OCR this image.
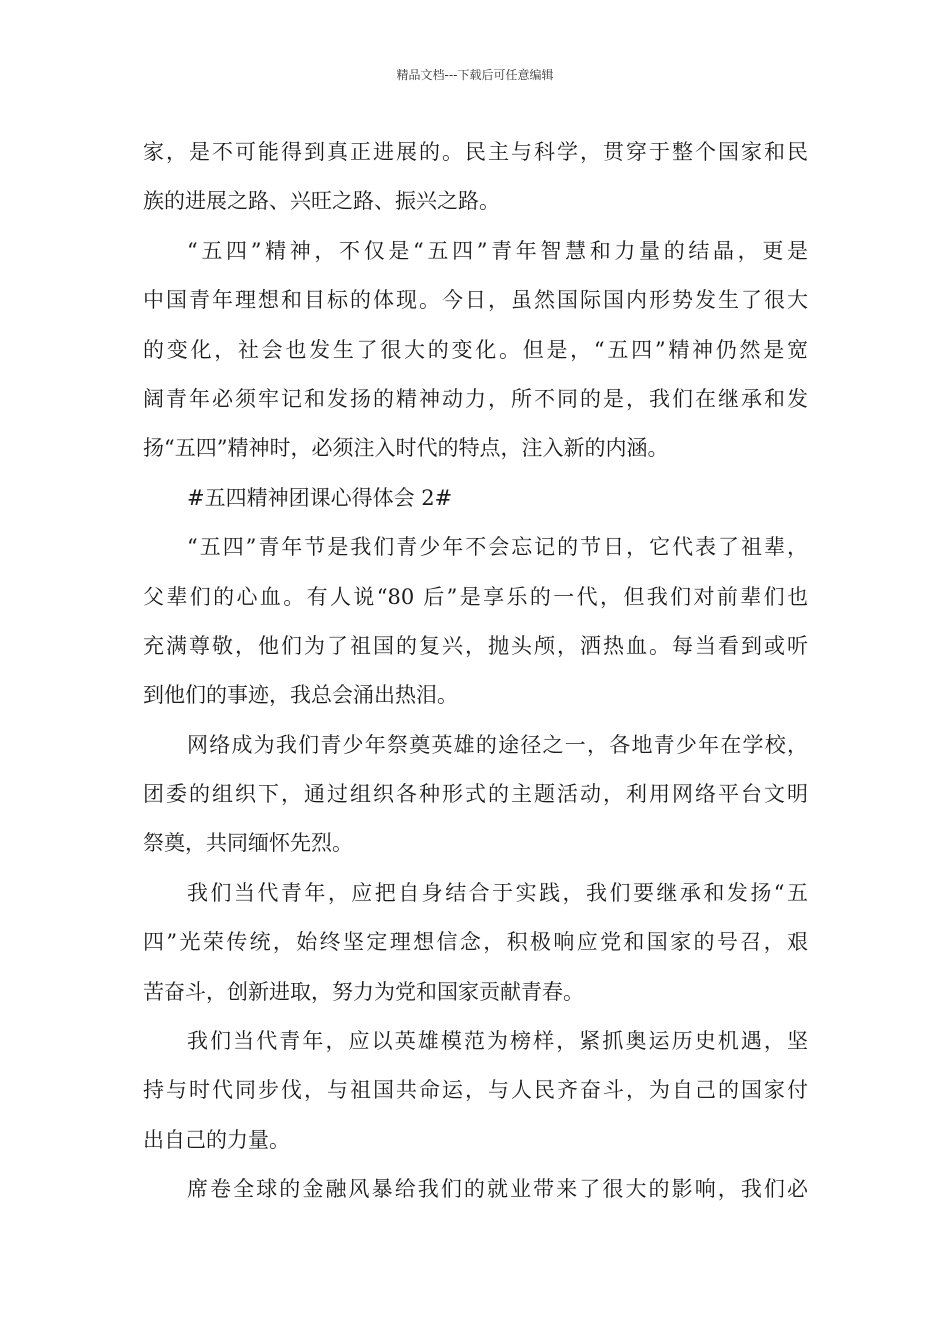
精品文档---下载后可任意编辑
家，是不可能得到真正进展的。民主与科学，贯穿于整个国家和民
族的进展之路、兴旺之路、振兴之路。
“五四”精神，不仅是“五四”青年智慧和力量的结晶，更是
中国青年理想和目标的体现。今日，虽然国际国内形势发生了很大
的变化，社会也发生了很大的变化。但是，“五四”精神仍然是宽
阔青年必须牢记和发扬的精神动力，所不同的是，我们在继承和发
扬“五四”精神时，必须注入时代的特点，注入新的内涵。
#五四精神团课心得体会 2#
“五四”青年节是我们青少年不会忘记的节日，它代表了祖辈，
父辈们的心血。有人说“80 后”是享乐的一代，但我们对前辈们也
充满尊敬，他们为了祖国的复兴，抛头颅，洒热血。每当看到或听
到他们的事迹，我总会涌出热泪。
网络成为我们青少年祭奠英雄的途径之一，各地青少年在学校，
团委的组织下，通过组织各种形式的主题活动，利用网络平台文明
祭奠，共同缅怀先烈。
我们当代青年，应把自身结合于实践，我们要继承和发扬“五
四”光荣传统，始终坚定理想信念，积极响应党和国家的号召，艰
苦奋斗，创新进取，努力为党和国家贡献青春。
我们当代青年，应以英雄模范为榜样，紧抓奥运历史机遇，坚
持与时代同步伐，与祖国共命运，与人民齐奋斗，为自己的国家付
出自己的力量。
席卷全球的金融风暴给我们的就业带来了很大的影响，我们必
